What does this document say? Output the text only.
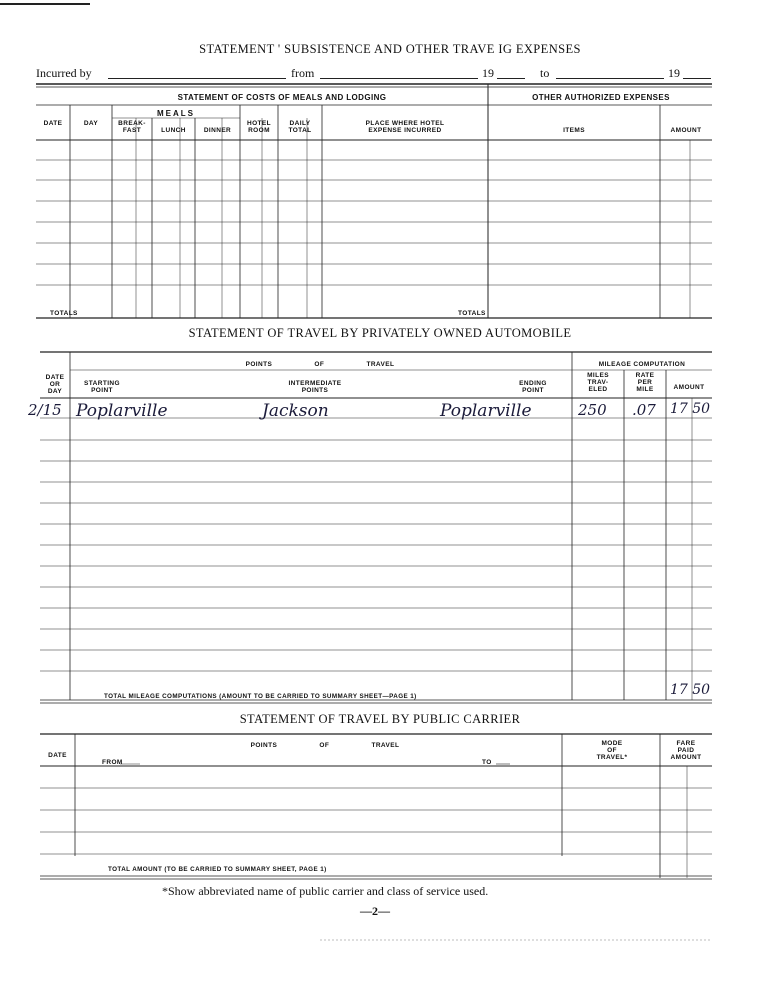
STATEMENT ' SUBSISTENCE AND OTHER TRAVE IG EXPENSES
Incurred by	from	19	to	19
STATEMENT OF COSTS OF MEALS AND LODGING	OTHER AUTHORIZED EXPENSES
MEALS
DATE	DAY	BREAK-
FAST	LUNCH	DINNER
HOTEL
ROOM
DAILY
TOTAL
PLACE WHERE HOTEL
EXPENSE INCURRED	ITEMS	AMOUNT
TOTALS	TOTALS
STATEMENT OF TRAVEL BY PRIVATELY OWNED AUTOMOBILE
POINTS OF TRAVEL	MILEAGE COMPUTATION
DATE
OR
DAY
STARTING
POINT
INTERMEDIATE
POINTS
ENDING
POINT
MILES
TRAV-
ELED
RATE
PER
MILE	AMOUNT
2/15 Poplarville	Jackson	Poplarville	250 .07 17 50
TOTAL MILEAGE COMPUTATIONS (AMOUNT TO BE CARRIED TO SUMMARY SHEET—PAGE 1)	17 50
STATEMENT OF TRAVEL BY PUBLIC CARRIER
DATE
POINTS OF TRAVEL
FROM	TO
MODE
OF
TRAVEL*
FARE
PAID
AMOUNT
TOTAL AMOUNT (TO BE CARRIED TO SUMMARY SHEET, PAGE 1)
*Show abbreviated name of public carrier and class of service used.
—2—
